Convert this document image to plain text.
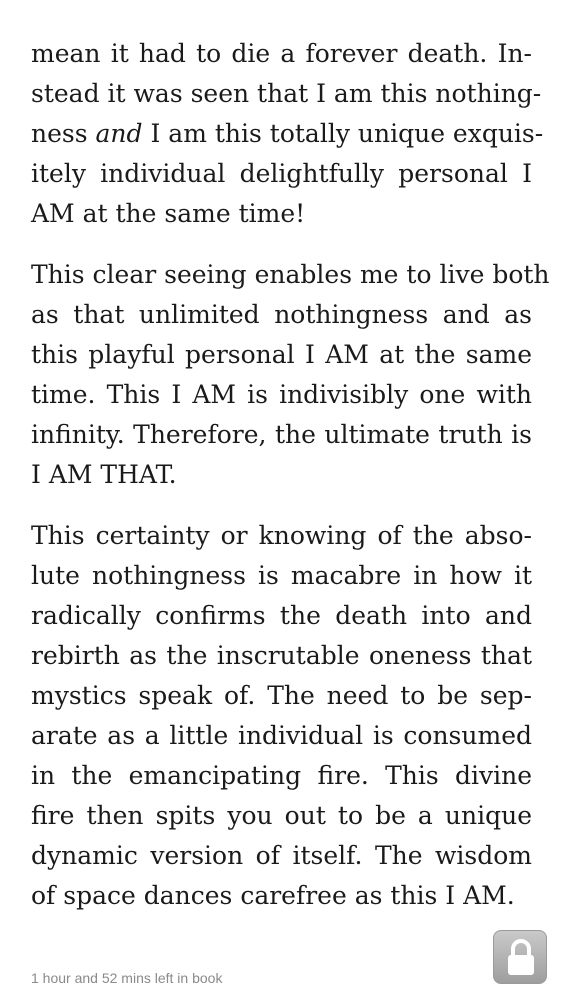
mean it had to die a forever death. In-
stead it was seen that I am this nothing-
ness and I am this totally unique exquis-
itely individual delightfully personal I
AM at the same time!

This clear seeing enables me to live both
as that unlimited nothingness and as
this playful personal I AM at the same
time. This I AM is indivisibly one with
infinity. Therefore, the ultimate truth is
I AM THAT.

This certainty or knowing of the abso-
lute nothingness is macabre in how it
radically confirms the death into and
rebirth as the inscrutable oneness that
mystics speak of. The need to be sep-
arate as a little individual is consumed
in the emancipating fire. This divine
fire then spits you out to be a unique
dynamic version of itself. The wisdom
of space dances carefree as this I AM.

1 hour and 52 mins left in book
